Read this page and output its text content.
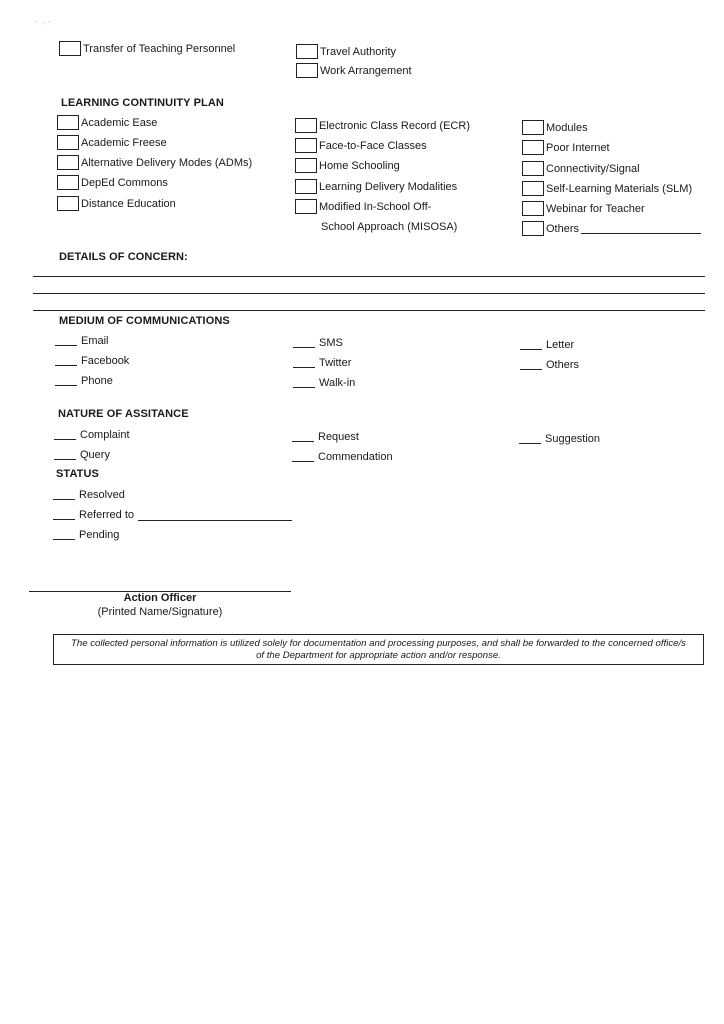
‑   , ‑
Transfer of Teaching Personnel	Travel Authority
Work Arrangement
LEARNING CONTINUITY PLAN
Academic Ease
Academic Freese
Alternative Delivery Modes (ADMs)
DepEd Commons
Distance Education
Electronic Class Record (ECR)
Face-to-Face Classes
Home Schooling
Learning Delivery Modalities
Modified In-School Off-
School Approach (MISOSA)
Modules
Poor Internet
Connectivity/Signal
Self-Learning Materials (SLM)
Webinar for Teacher
Others
DETAILS OF CONCERN:
MEDIUM OF COMMUNICATIONS
Email
Facebook
Phone
SMS
Twitter
Walk-in
Letter
Others
NATURE OF ASSITANCE
Complaint
Query
Request
Commendation
Suggestion
STATUS
Resolved
Referred to
Pending
Action Officer
(Printed Name/Signature)
The collected personal information is utilized solely for documentation and processing purposes, and shall be forwarded to the concerned office/s
of the Department for appropriate action and/or response.
